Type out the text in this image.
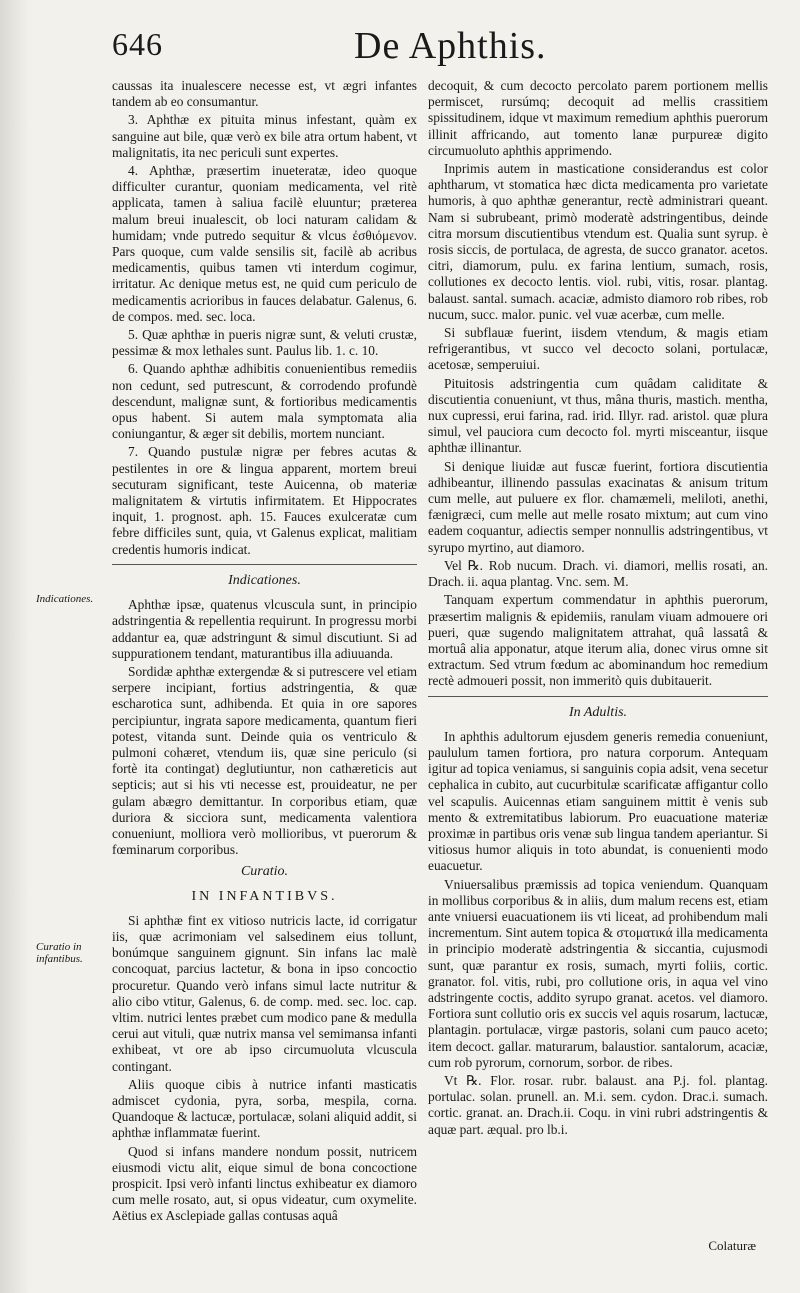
646	De Aphthis.

caussas ita inualescere necesse est, vt ægri infantes tandem ab eo consumantur.

3. Aphthæ ex pituita minus infestant, quàm ex sanguine aut bile, quæ verò ex bile atra ortum habent, vt malignitatis, ita nec periculi sunt expertes.

4. Aphthæ, præsertim inueteratæ, ideo quoque difficulter curantur, quoniam medicamenta, vel ritè applicata, tamen à saliua facilè eluuntur; præterea malum breui inualescit, ob loci naturam calidam & humidam; vnde putredo sequitur & vlcus ἐσθιόμενον. Pars quoque, cum valde sensilis sit, facilè ab acribus medicamentis, quibus tamen vti interdum cogimur, irritatur. Ac denique metus est, ne quid cum periculo de medicamentis acrioribus in fauces delabatur. Galenus, 6. de compos. med. sec. loca.

5. Quæ aphthæ in pueris nigræ sunt, & veluti crustæ, pessimæ & mox lethales sunt. Paulus lib. 1. c. 10.

6. Quando aphthæ adhibitis conuenientibus remediis non cedunt, sed putrescunt, & corrodendo profundè descendunt, malignæ sunt, & fortioribus medicamentis opus habent. Si autem mala symptomata alia coniungantur, & æger sit debilis, mortem nunciant.

7. Quando pustulæ nigræ per febres acutas & pestilentes in ore & lingua apparent, mortem breui secuturam significant, teste Auicenna, ob materiæ malignitatem & virtutis infirmitatem. Et Hippocrates inquit, 1. prognost. aph. 15. Fauces exulceratæ cum febre difficiles sunt, quia, vt Galenus explicat, malitiam credentis humoris indicat.

Indicationes.

Aphthæ ipsæ, quatenus vlcuscula sunt, in principio adstringentia & repellentia requirunt. In progressu morbi addantur ea, quæ adstringunt & simul discutiunt. Si ad suppurationem tendant, maturantibus illa adiuuanda.

Sordidæ aphthæ extergendæ & si putrescere vel etiam serpere incipiant, fortius adstringentia, & quæ escharotica sunt, adhibenda. Et quia in ore sapores percipiuntur, ingrata sapore medicamenta, quantum fieri potest, vitanda sunt. Deinde quia os ventriculo & pulmoni cohæret, vtendum iis, quæ sine periculo (si fortè ita contingat) deglutiuntur, non cathæreticis aut septicis; aut si his vti necesse est, prouideatur, ne per gulam abægro demittantur. In corporibus etiam, quæ duriora & sicciora sunt, medicamenta valentiora conueniunt, molliora verò mollioribus, vt puerorum & fœminarum corporibus.

Curatio.
IN INFANTIBVS.

Si aphthæ fint ex vitioso nutricis lacte, id corrigatur iis, quæ acrimoniam vel salsedinem eius tollunt, bonúmque sanguinem gignunt. Sin infans lac malè concoquat, parcius lactetur, & bona in ipso concoctio procuretur. Quando verò infans simul lacte nutritur & alio cibo vtitur, Galenus, 6. de comp. med. sec. loc. cap. vltim. nutrici lentes præbet cum modico pane & medulla cerui aut vituli, quæ nutrix mansa vel semimansa infanti exhibeat, vt ore ab ipso circumuoluta vlcuscula contingant.

Aliis quoque cibis à nutrice infanti masticatis admiscet cydonia, pyra, sorba, mespila, corna. Quandoque & lactucæ, portulacæ, solani aliquid addit, si aphthæ inflammatæ fuerint.

Quod si infans mandere nondum possit, nutricem eiusmodi victu alit, eique simul de bona concoctione prospicit. Ipsi verò infanti linctus exhibeatur ex diamoro cum melle rosato, aut, si opus videatur, cum oxymelite. Aëtius ex Asclepiade gallas contusas aquâ

Indicationes.
Curatio in infantibus.

decoquit, & cum decocto percolato parem portionem mellis permiscet, rursúmq; decoquit ad mellis crassitiem spissitudinem, idque vt maximum remedium aphthis puerorum illinit affricando, aut tomento lanæ purpureæ digito circumuoluto aphthis apprimendo.

Inprimis autem in masticatione considerandus est color aphtharum, vt stomatica hæc dicta medicamenta pro varietate humoris, à quo aphthæ generantur, rectè administrari queant. Nam si subrubeant, primò moderatè adstringentibus, deinde citra morsum discutientibus vtendum est. Qualia sunt syrup. è rosis siccis, de portulaca, de agresta, de succo granator. acetos. citri, diamorum, pulu. ex farina lentium, sumach, rosis, collutiones ex decocto lentis. viol. rubi, vitis, rosar. plantag. balaust. santal. sumach. acaciæ, admisto diamoro rob ribes, rob nucum, succ. malor. punic. vel vuæ acerbæ, cum melle.

Si subflauæ fuerint, iisdem vtendum, & magis etiam refrigerantibus, vt succo vel decocto solani, portulacæ, acetosæ, semperuiui.

Pituitosis adstringentia cum quâdam caliditate & discutientia conueniunt, vt thus, mâna thuris, mastich. mentha, nux cupressi, erui farina, rad. irid. Illyr. rad. aristol. quæ plura simul, vel pauciora cum decocto fol. myrti misceantur, iisque aphthæ illinantur.

Si denique liuidæ aut fuscæ fuerint, fortiora discutientia adhibeantur, illinendo passulas exacinatas & anisum tritum cum melle, aut puluere ex flor. chamæmeli, meliloti, anethi, fænigræci, cum melle aut melle rosato mixtum; aut cum vino eadem coquantur, adiectis semper nonnullis adstringentibus, vt syrupo myrtino, aut diamoro.

Vel ℞. Rob nucum. Drach. vi. diamori, mellis rosati, an. Drach. ii. aqua plantag. Vnc. sem. M.

Tanquam expertum commendatur in aphthis puerorum, præsertim malignis & epidemiis, ranulam viuam admouere ori pueri, quæ sugendo malignitatem attrahat, quâ lassatâ & mortuâ alia apponatur, atque iterum alia, donec virus omne sit extractum. Sed vtrum fœdum ac abominandum hoc remedium rectè admoueri possit, non immeritò quis dubitauerit.

In Adultis.

In aphthis adultorum ejusdem generis remedia conueniunt, paululum tamen fortiora, pro natura corporum. Antequam igitur ad topica veniamus, si sanguinis copia adsit, vena secetur cephalica in cubito, aut cucurbitulæ scarificatæ affigantur collo vel scapulis. Auicennas etiam sanguinem mittit è venis sub mento & extremitatibus labiorum. Pro euacuatione materiæ proximæ in partibus oris venæ sub lingua tandem aperiantur. Si vitiosus humor aliquis in toto abundat, is conuenienti modo euacuetur.

Vniuersalibus præmissis ad topica veniendum. Quanquam in mollibus corporibus & in aliis, dum malum recens est, etiam ante vniuersi euacuationem iis vti liceat, ad prohibendum mali incrementum. Sint autem topica & στοματικά illa medicamenta in principio moderatè adstringentia & siccantia, cujusmodi sunt, quæ parantur ex rosis, sumach, myrti foliis, cortic. granator. fol. vitis, rubi, pro collutione oris, in aqua vel vino adstringente coctis, addito syrupo granat. acetos. vel diamoro. Fortiora sunt collutio oris ex succis vel aquis rosarum, lactucæ, plantagin. portulacæ, virgæ pastoris, solani cum pauco aceto; item decoct. gallar. maturarum, balaustior. santalorum, acaciæ, cum rob pyrorum, cornorum, sorbor. de ribes.

Vt ℞. Flor. rosar. rubr. balaust. ana P.j. fol. plantag. portulac. solan. prunell. an. M.i. sem. cydon. Drac.i. sumach. cortic. granat. an. Drach.ii. Coqu. in vini rubri adstringentis & aquæ part. æqual. pro lb.i.

Colaturæ
